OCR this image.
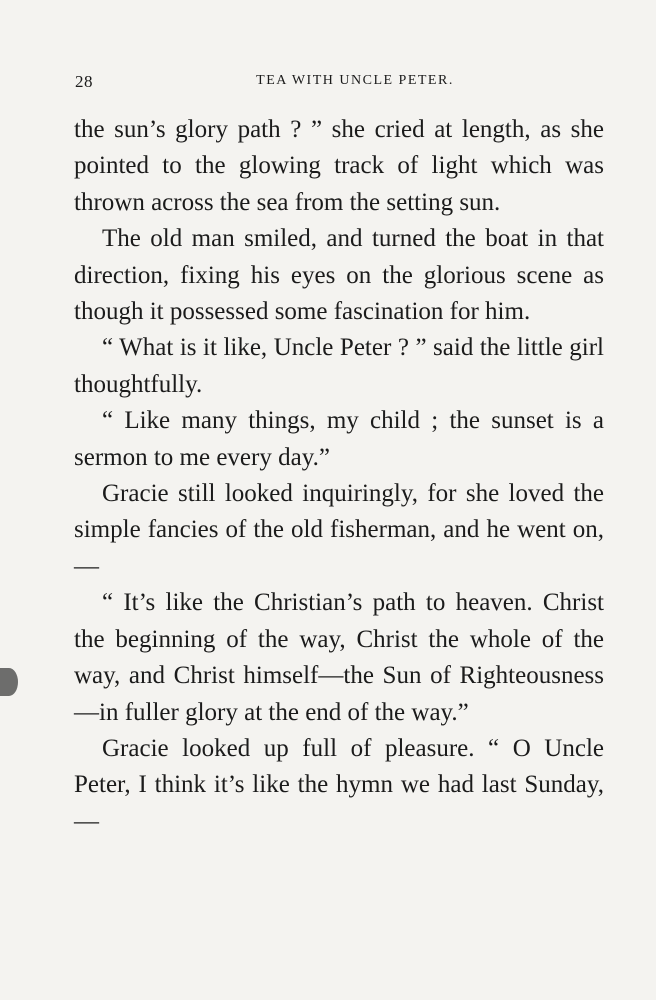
28	TEA WITH UNCLE PETER.

the sun’s glory path ? ” she cried at length, as she pointed to the glowing track of light which was thrown across the sea from the setting sun.

The old man smiled, and turned the boat in that direction, fixing his eyes on the glorious scene as though it possessed some fascination for him.

“ What is it like, Uncle Peter ? ” said the little girl thoughtfully.

“ Like many things, my child ; the sunset is a sermon to me every day.”

Gracie still looked inquiringly, for she loved the simple fancies of the old fisherman, and he went on,—

“ It’s like the Christian’s path to heaven. Christ the beginning of the way, Christ the whole of the way, and Christ himself—the Sun of Righteousness—in fuller glory at the end of the way.”

Gracie looked up full of pleasure. “ O Uncle Peter, I think it’s like the hymn we had last Sunday,—
